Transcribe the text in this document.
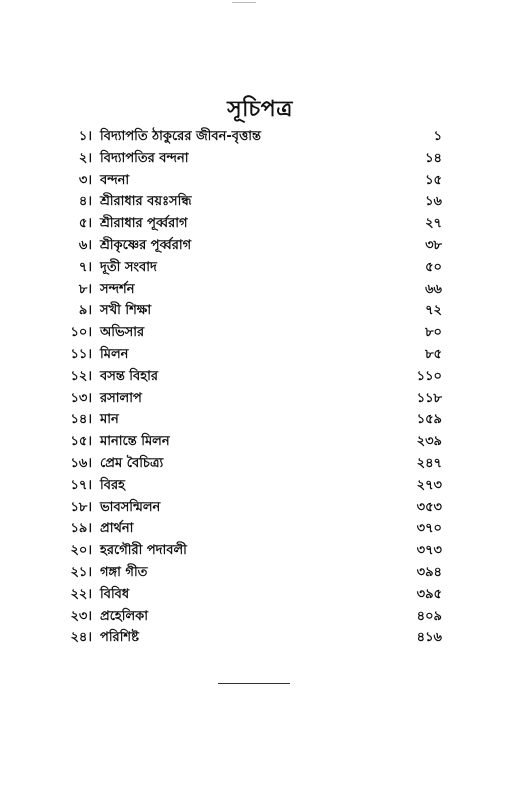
সূচিপত্র
১। বিদ্যাপতি ঠাকুরের জীবন-বৃত্তান্ত	১
২। বিদ্যাপতির বন্দনা	১৪
৩। বন্দনা	১৫
৪। শ্রীরাধার বয়ঃসন্ধি	১৬
৫। শ্রীরাধার পূর্ব্বরাগ	২৭
৬। শ্রীকৃষ্ণের পূর্ব্বরাগ	৩৮
৭। দূতী সংবাদ	৫০
৮। সন্দর্শন	৬৬
৯। সখী শিক্ষা	৭২
১০। অভিসার	৮০
১১। মিলন	৮৫
১২। বসন্ত বিহার	১১০
১৩। রসালাপ	১১৮
১৪। মান	১৫৯
১৫। মানান্তে মিলন	২৩৯
১৬। প্রেম বৈচিত্র্য	২৪৭
১৭। বিরহ	২৭৩
১৮। ভাবসন্মিলন	৩৫৩
১৯। প্রার্থনা	৩৭০
২০। হরগৌরী পদাবলী	৩৭৩
২১। গঙ্গা গীত	৩৯৪
২২। বিবিধ	৩৯৫
২৩। প্রহেলিকা	৪০৯
২৪। পরিশিষ্ট	৪১৬
